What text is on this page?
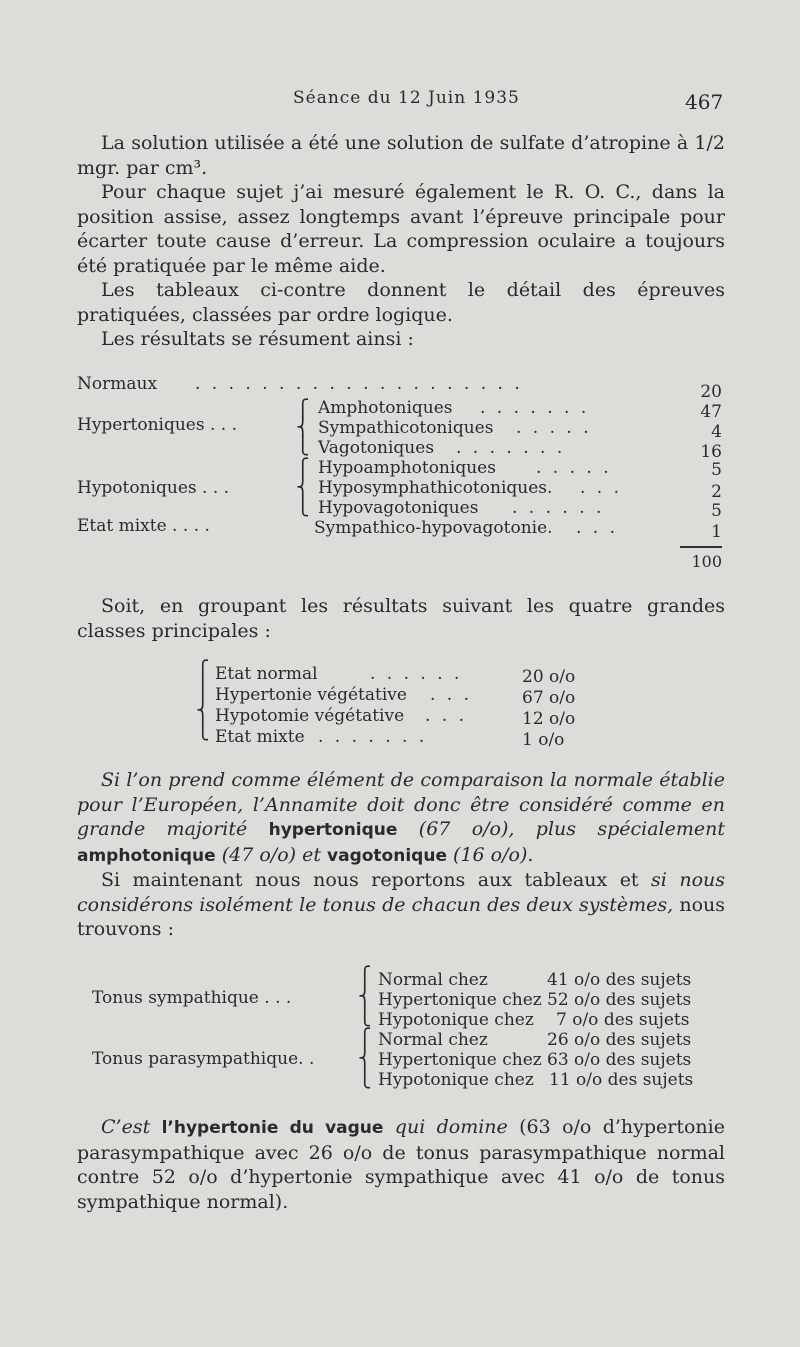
Séance du 12 Juin 1935	467

La solution utilisée a été une solution de sulfate d’atropine à 1/2 mgr. par cm³.

Pour chaque sujet j’ai mesuré également le R. O. C., dans la position assise, assez longtemps avant l’épreuve principale pour écarter toute cause d’erreur. La compression oculaire a toujours été pratiquée par le même aide.

Les tableaux ci-contre donnent le détail des épreuves pratiquées, classées par ordre logique.

Les résultats se résument ainsi :

Normaux . . . . . . . . . . . . . . . . . . . .	20
Hypertoniques . . .
⎧
⎨
⎩
Amphotoniques . . . . . . .	47
Sympathicotoniques . . . . .	4
Vagotoniques . . . . . . .	16
Hypotoniques . . .
⎧
⎨
⎩
Hypoamphotoniques . . . . .	5
Hyposymphathicotoniques. . . .	2
Hypovagotoniques . . . . . .	5
Etat mixte . . . .	Sympathico-hypovagotonie. . . .	1
100

Soit, en groupant les résultats suivant les quatre grandes classes principales :

⎧
⎪
⎨
⎩
Etat normal	. . . . . .	20 o/o
Hypertonie végétative . . .	67 o/o
Hypotomie végétative . . .	12 o/o
Etat mixte . . . . . . .	1 o/o

Si l’on prend comme élément de comparaison la normale établie pour l’Européen, l’Annamite doit donc être considéré comme en grande majorité hypertonique (67 o/o), plus spécialement amphotonique (47 o/o) et vagotonique (16 o/o).

Si maintenant nous nous reportons aux tableaux et si nous considérons isolément le tonus de chacun des deux systèmes, nous trouvons :

Tonus sympathique . . .
Tonus parasympathique. .
⎧
⎨
⎩
⎧
⎨
⎩
Normal chez	41 o/o des sujets
Hypertonique chez 52 o/o des sujets
Hypotonique chez 7 o/o des sujets
Normal chez	26 o/o des sujets
Hypertonique chez 63 o/o des sujets
Hypotonique chez 11 o/o des sujets

C’est l’hypertonie du vague qui domine (63 o/o d’hypertonie parasympathique avec 26 o/o de tonus parasympathique normal contre 52 o/o d’hypertonie sympathique avec 41 o/o de tonus sympathique normal).
